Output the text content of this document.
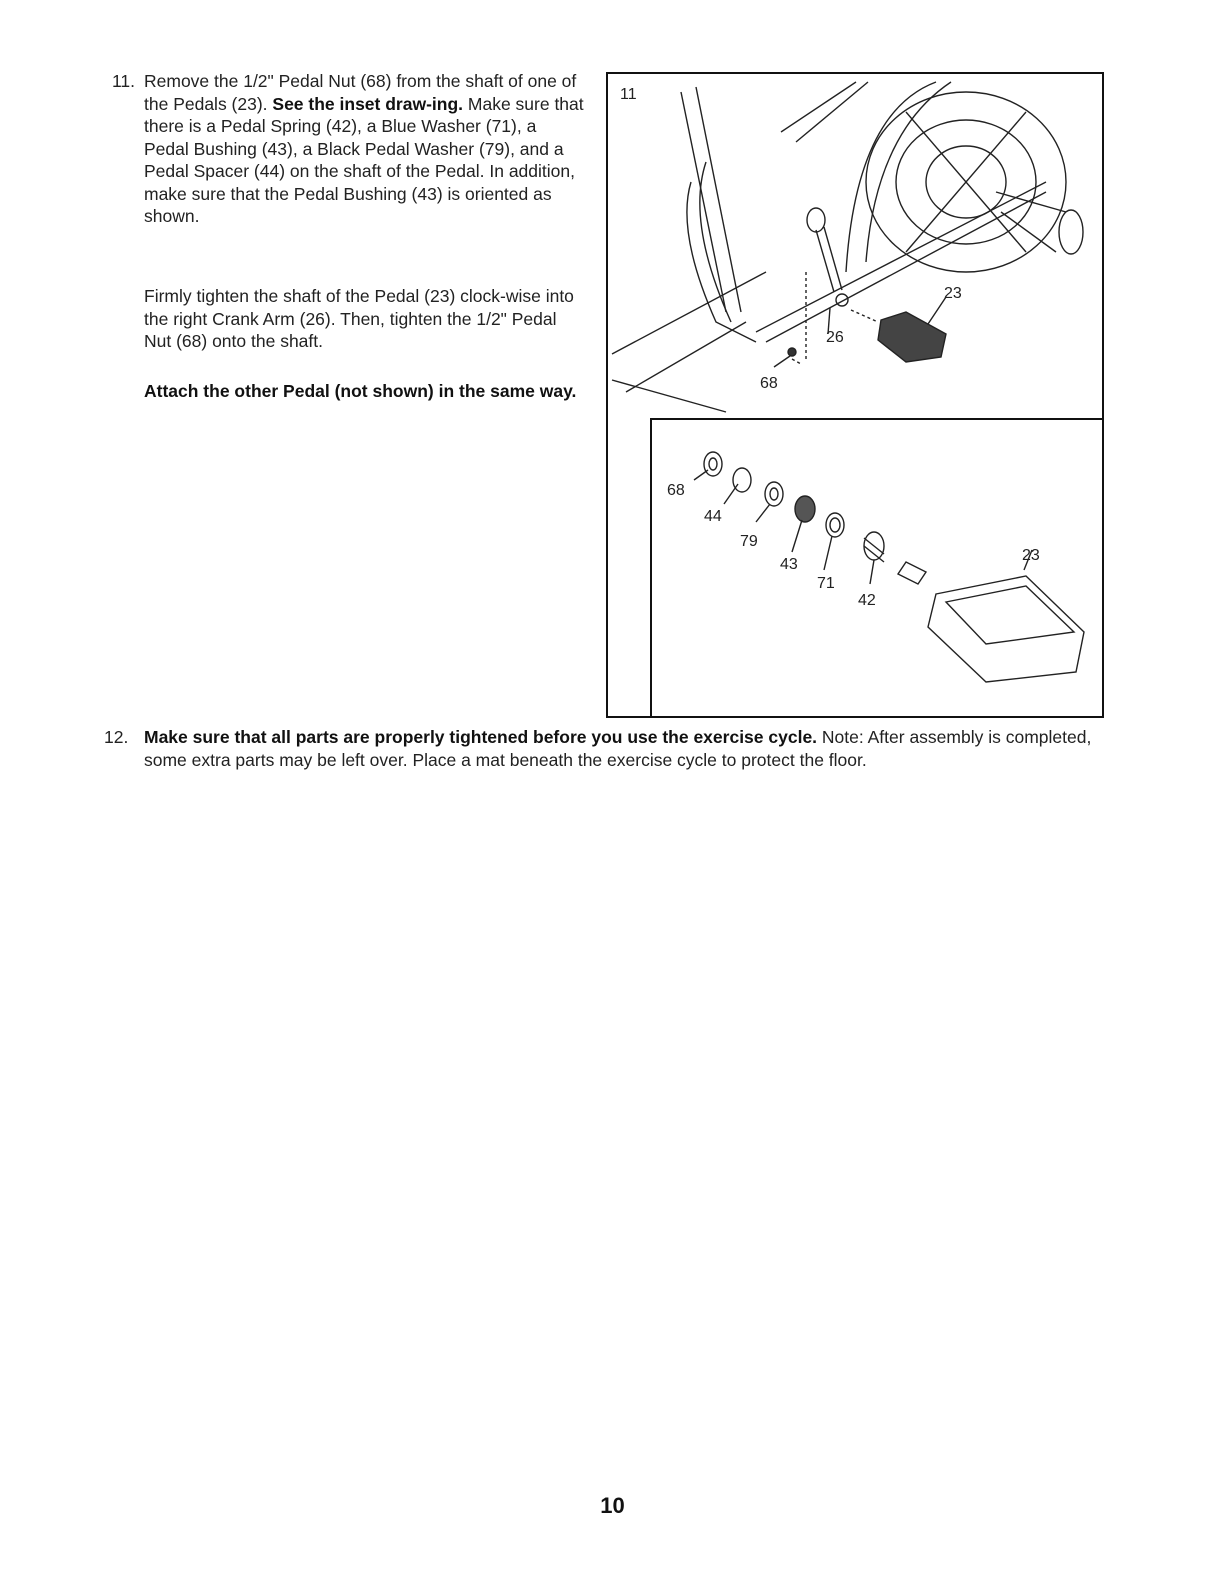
11. Remove the 1/2" Pedal Nut (68) from the shaft of one of the Pedals (23). See the inset draw-ing. Make sure that there is a Pedal Spring (42), a Blue Washer (71), a Pedal Bushing (43), a Black Pedal Washer (79), and a Pedal Spacer (44) on the shaft of the Pedal. In addition, make sure that the Pedal Bushing (43) is oriented as shown.
Firmly tighten the shaft of the Pedal (23) clock-wise into the right Crank Arm (26). Then, tighten the 1/2" Pedal Nut (68) onto the shaft.
Attach the other Pedal (not shown) in the same way.
11
23
26
68
68
44
79
43
71
42
23
12. Make sure that all parts are properly tightened before you use the exercise cycle. Note: After assembly is completed, some extra parts may be left over. Place a mat beneath the exercise cycle to protect the floor.
10
